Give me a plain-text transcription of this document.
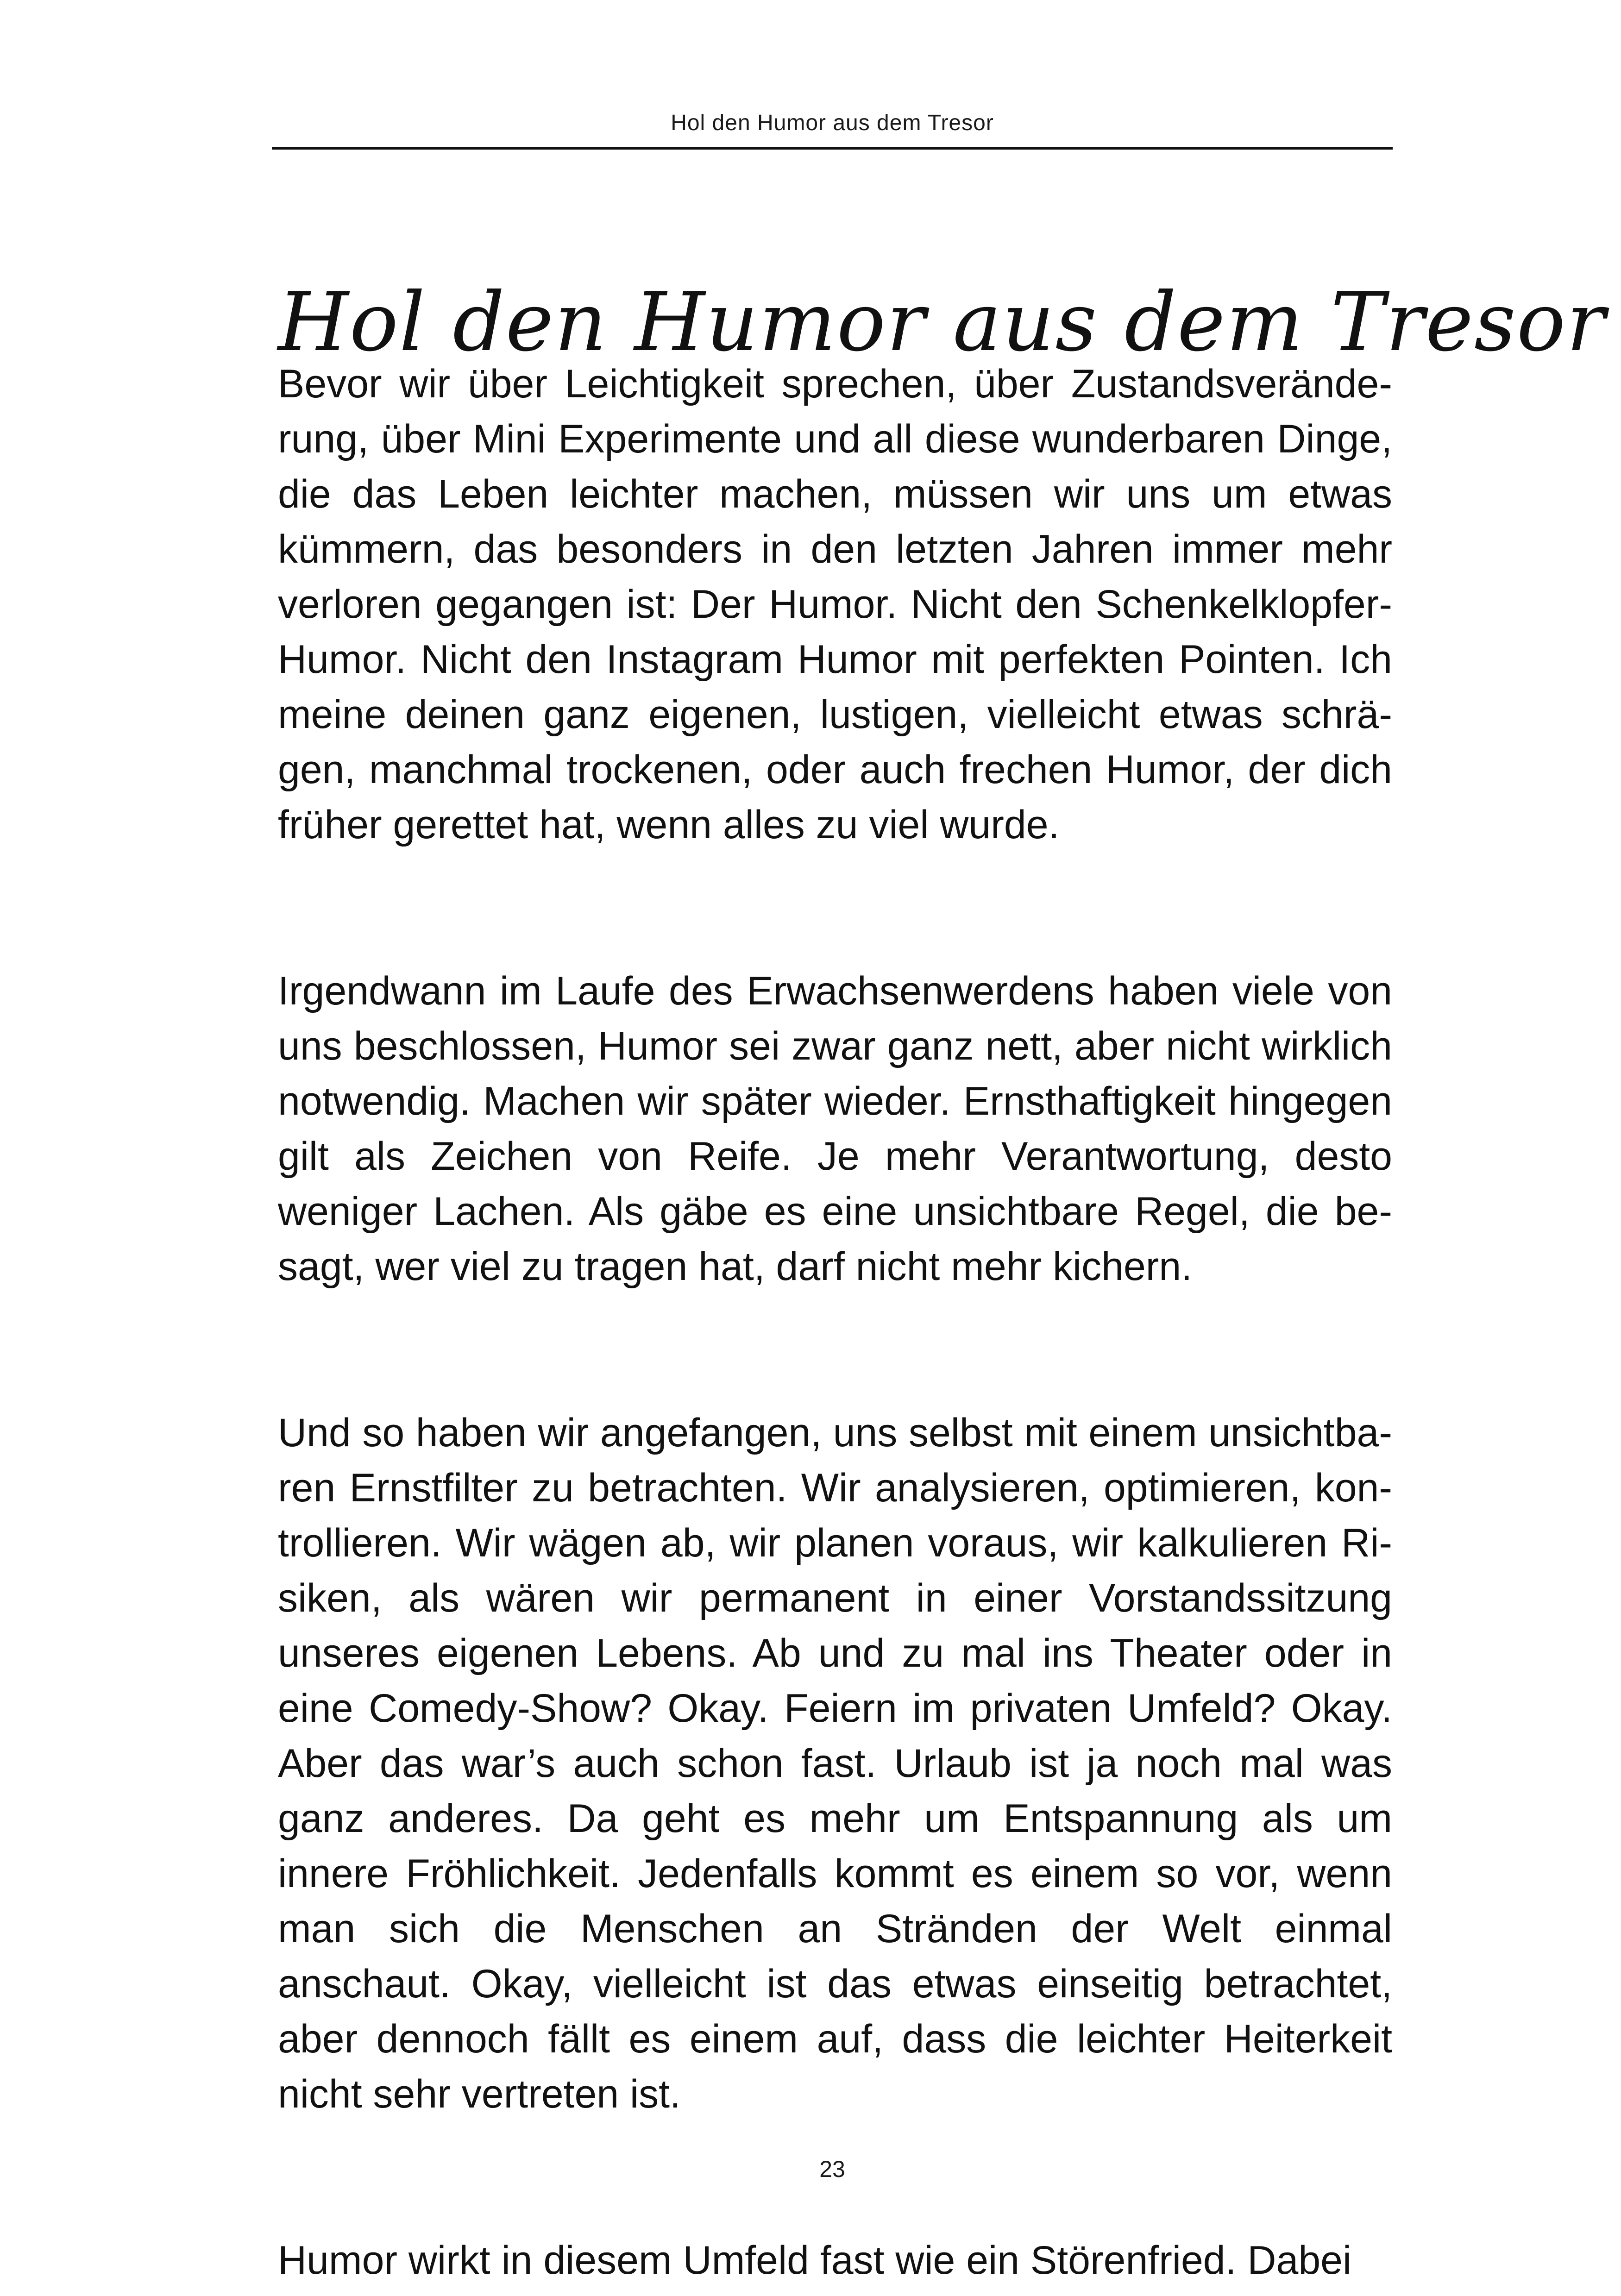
Hol den Humor aus dem Tresor
Hol den Humor aus dem Tresor

Bevor wir über Leichtigkeit sprechen, über Zustandsveränderung, über Mini Experimente und all diese wunderbaren Dinge, die das Leben leichter machen, müssen wir uns um etwas kümmern, das besonders in den letzten Jahren immer mehr verloren gegangen ist: Der Humor. Nicht den Schenkelklopfer-Humor. Nicht den Instagram Humor mit perfekten Pointen. Ich meine deinen ganz eigenen, lustigen, vielleicht etwas schrägen, manchmal trockenen, oder auch frechen Humor, der dich früher gerettet hat, wenn alles zu viel wurde.

Irgendwann im Laufe des Erwachsenwerdens haben viele von uns beschlossen, Humor sei zwar ganz nett, aber nicht wirklich notwendig. Machen wir später wieder. Ernsthaftigkeit hingegen gilt als Zeichen von Reife. Je mehr Verantwortung, desto weniger Lachen. Als gäbe es eine unsichtbare Regel, die besagt, wer viel zu tragen hat, darf nicht mehr kichern.

Und so haben wir angefangen, uns selbst mit einem unsichtbaren Ernstfilter zu betrachten. Wir analysieren, optimieren, kontrollieren. Wir wägen ab, wir planen voraus, wir kalkulieren Risiken, als wären wir permanent in einer Vorstandssitzung unseres eigenen Lebens. Ab und zu mal ins Theater oder in eine Comedy-Show? Okay. Feiern im privaten Umfeld? Okay. Aber das war’s auch schon fast. Urlaub ist ja noch mal was ganz anderes. Da geht es mehr um Entspannung als um innere Fröhlichkeit. Jedenfalls kommt es einem so vor, wenn man sich die Menschen an Stränden der Welt einmal anschaut. Okay, vielleicht ist das etwas einseitig betrachtet, aber dennoch fällt es einem auf, dass die leichter Heiterkeit nicht sehr vertreten ist.

Humor wirkt in diesem Umfeld fast wie ein Störenfried. Dabei

23
